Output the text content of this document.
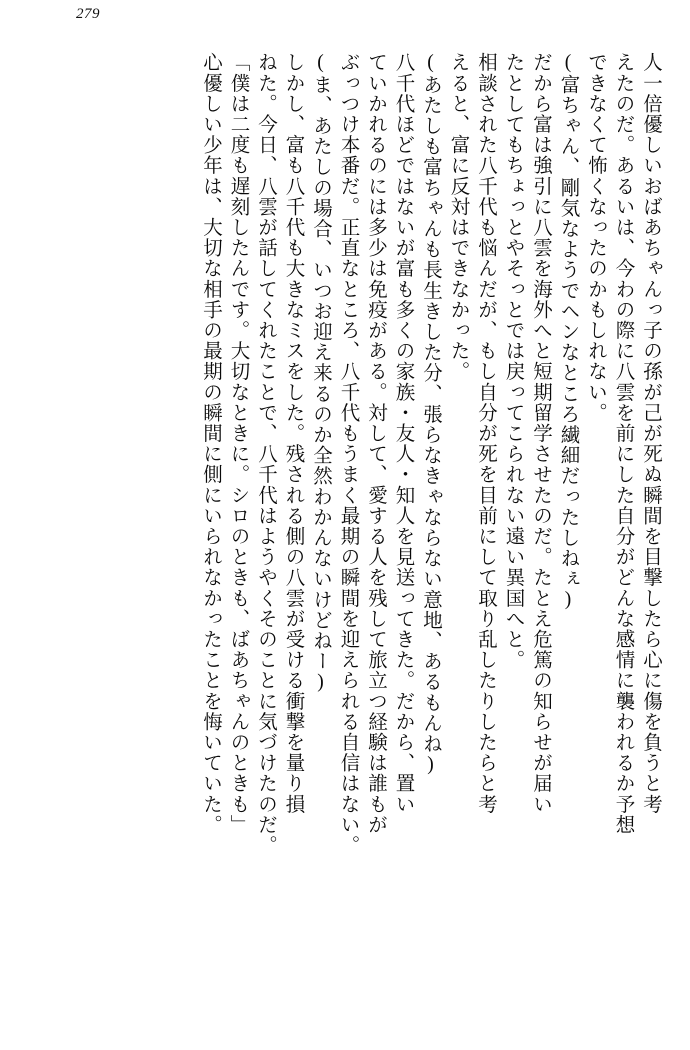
279
人一倍優しいおばあちゃんっ子の孫が己が死ぬ瞬間を目撃したら心に傷を負うと考
えたのだ。あるいは、今わの際に八雲を前にした自分がどんな感情に襲われるか予想
できなくて怖くなったのかもしれない。
(富ちゃん、剛気なようでヘンなところ繊細だったしねぇ)
だから富は強引に八雲を海外へと短期留学させたのだ。たとえ危篤の知らせが届い
たとしてもちょっとやそっとでは戻ってこられない遠い異国へと。
相談された八千代も悩んだが、もし自分が死を目前にして取り乱したりしたらと考
えると、富に反対はできなかった。
(あたしも富ちゃんも長生きした分、張らなきゃならない意地、あるもんね)
八千代ほどではないが富も多くの家族・友人・知人を見送ってきた。だから、置い
ていかれるのには多少は免疫がある。対して、愛する人を残して旅立つ経験は誰もが
ぶっつけ本番だ。正直なところ、八千代もうまく最期の瞬間を迎えられる自信はない。
(ま、あたしの場合、いつお迎え来るのか全然わかんないけどねー)
しかし、富も八千代も大きなミスをした。残される側の八雲が受ける衝撃を量り損
ねた。今日、八雲が話してくれたことで、八千代はようやくそのことに気づけたのだ。
「僕は二度も遅刻したんです。大切なときに。シロのときも、ばあちゃんのときも」
心優しい少年は、大切な相手の最期の瞬間に側にいられなかったことを悔いていた。
